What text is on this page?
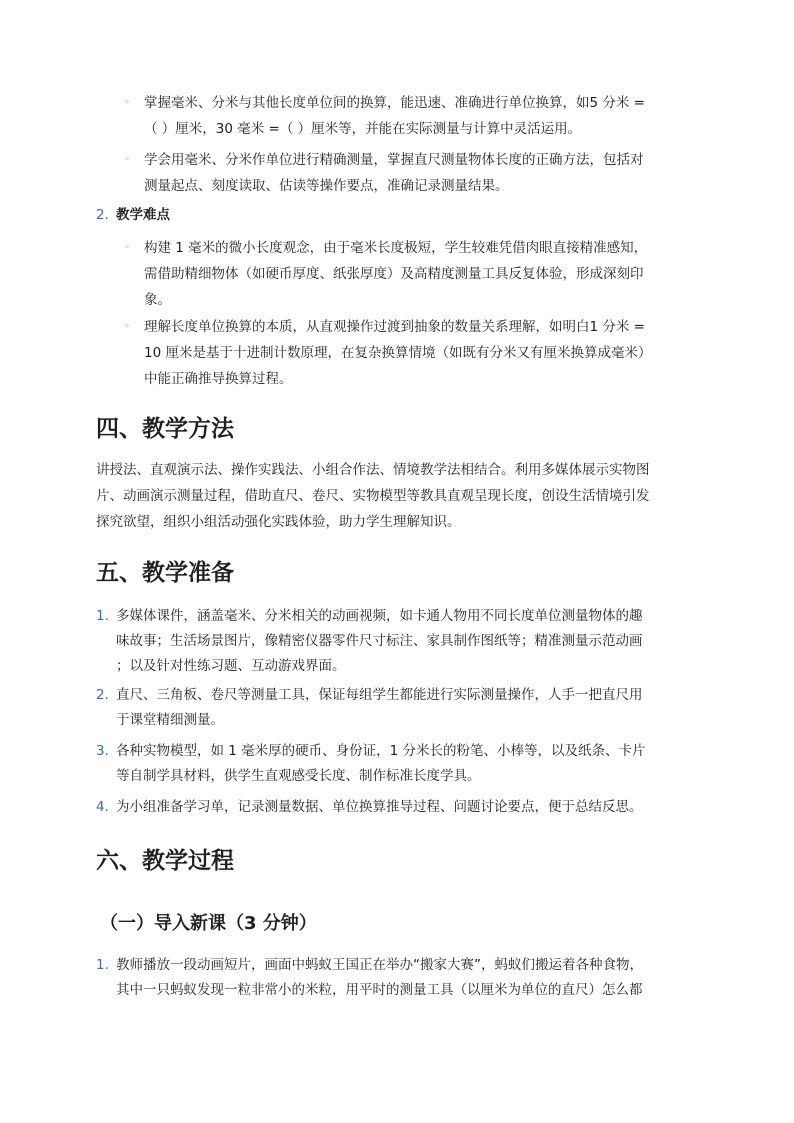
◦ 掌握毫米、分米与其他长度单位间的换算，能迅速、准确进行单位换算，如5 分米 =
（ ）厘米，30 毫米 =（ ）厘米等，并能在实际测量与计算中灵活运用。
◦ 学会用毫米、分米作单位进行精确测量，掌握直尺测量物体长度的正确方法，包括对
测量起点、刻度读取、估读等操作要点，准确记录测量结果。
2. 教学难点
◦ 构建 1 毫米的微小长度观念，由于毫米长度极短，学生较难凭借肉眼直接精准感知，
需借助精细物体（如硬币厚度、纸张厚度）及高精度测量工具反复体验，形成深刻印
象。
◦ 理解长度单位换算的本质，从直观操作过渡到抽象的数量关系理解，如明白1 分米 =
10 厘米是基于十进制计数原理，在复杂换算情境（如既有分米又有厘米换算成毫米）
中能正确推导换算过程。
四、教学方法
讲授法、直观演示法、操作实践法、小组合作法、情境教学法相结合。利用多媒体展示实物图
片、动画演示测量过程，借助直尺、卷尺、实物模型等教具直观呈现长度，创设生活情境引发
探究欲望，组织小组活动强化实践体验，助力学生理解知识。
五、教学准备
1. 多媒体课件，涵盖毫米、分米相关的动画视频，如卡通人物用不同长度单位测量物体的趣
味故事；生活场景图片，像精密仪器零件尺寸标注、家具制作图纸等；精准测量示范动画
；以及针对性练习题、互动游戏界面。
2. 直尺、三角板、卷尺等测量工具，保证每组学生都能进行实际测量操作，人手一把直尺用
于课堂精细测量。
3. 各种实物模型，如 1 毫米厚的硬币、身份证，1 分米长的粉笔、小棒等，以及纸条、卡片
等自制学具材料，供学生直观感受长度、制作标准长度学具。
4. 为小组准备学习单，记录测量数据、单位换算推导过程、问题讨论要点，便于总结反思。
六、教学过程
（一）导入新课（3 分钟）
1. 教师播放一段动画短片，画面中蚂蚁王国正在举办“搬家大赛”，蚂蚁们搬运着各种食物，
其中一只蚂蚁发现一粒非常小的米粒，用平时的测量工具（以厘米为单位的直尺）怎么都
